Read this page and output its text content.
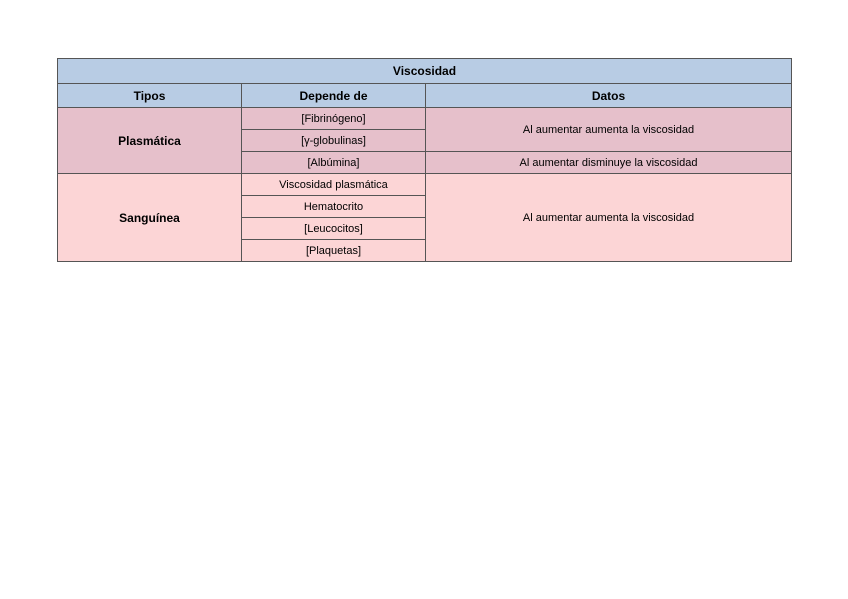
Viscosidad		
Tipos	Depende de	Datos
Plasmática	[Fibrinógeno]	Al aumentar aumenta la viscosidad
	[γ-globulinas]	
	[Albúmina]	Al aumentar disminuye la viscosidad
Sanguínea	Viscosidad plasmática	Al aumentar aumenta la viscosidad
	Hematocrito	
	[Leucocitos]	
	[Plaquetas]	
